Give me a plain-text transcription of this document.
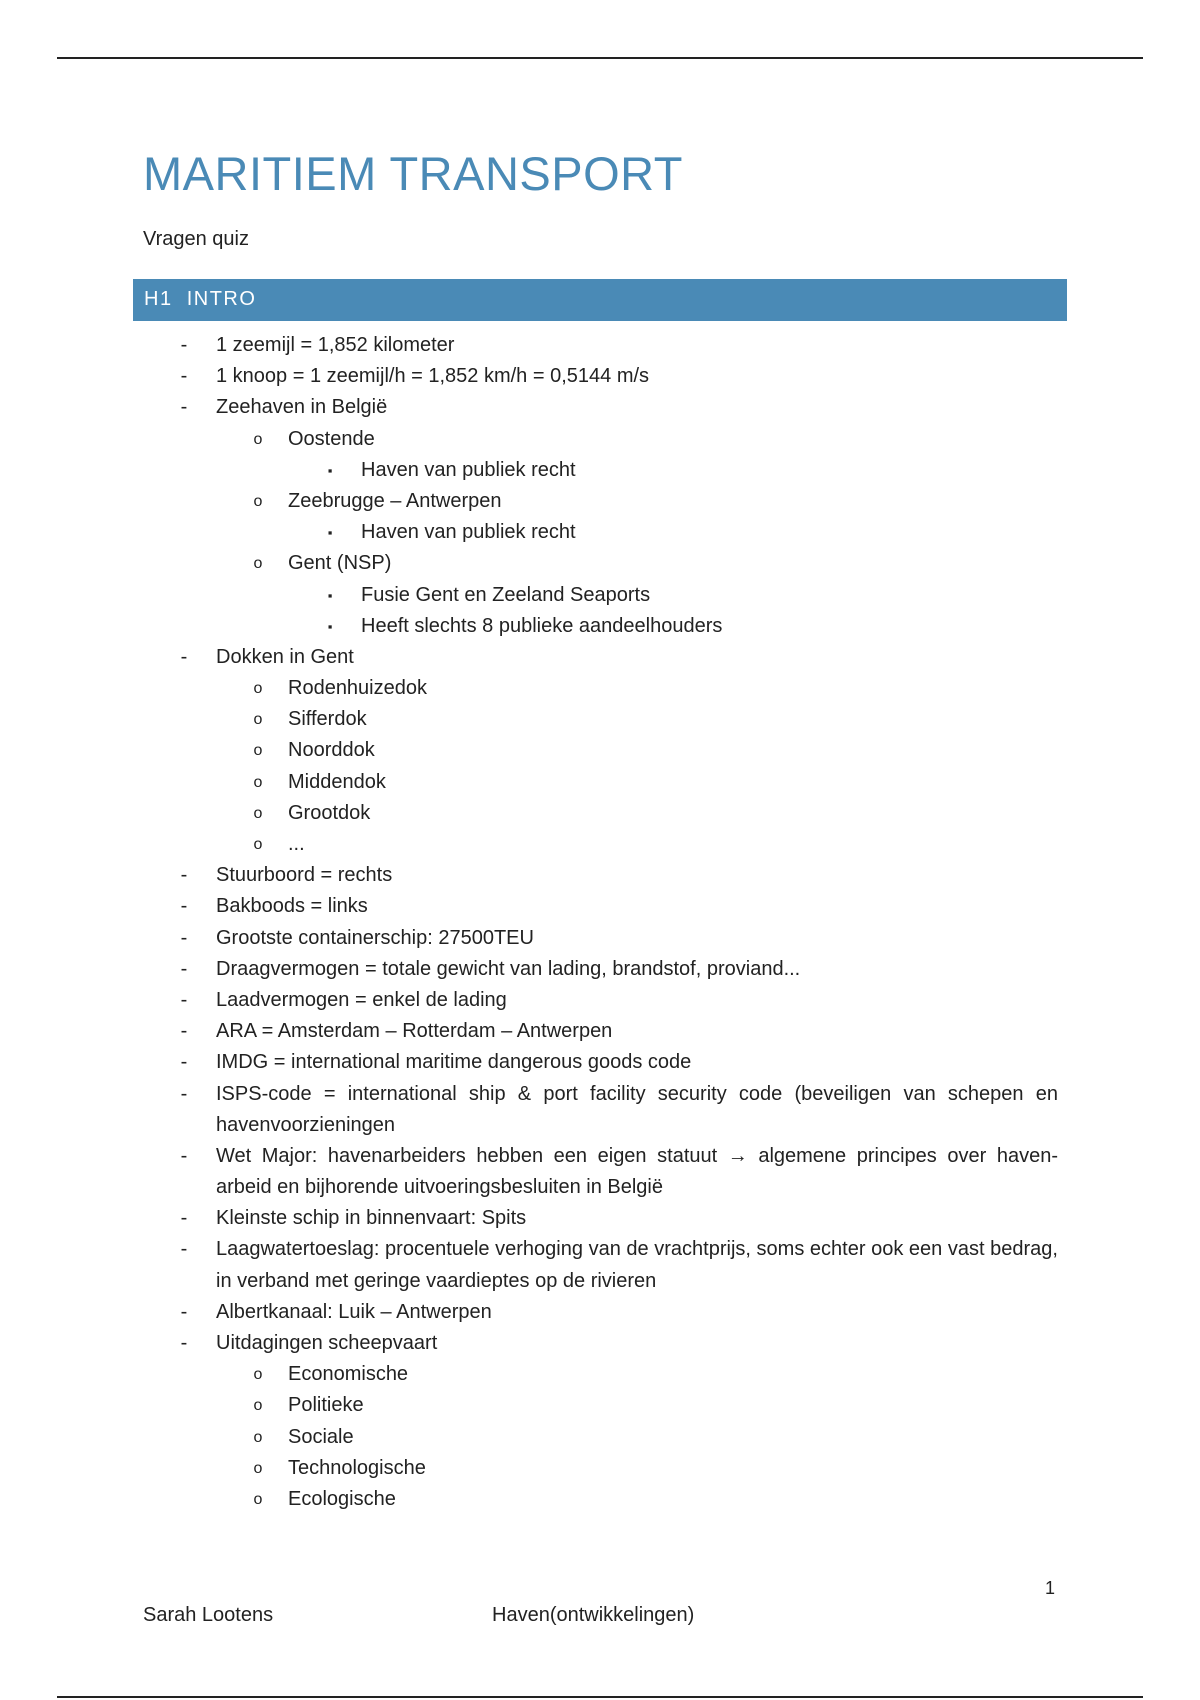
MARITIEM TRANSPORT
Vragen quiz
H1 INTRO
- 1 zeemijl = 1,852 kilometer
- 1 knoop = 1 zeemijl/h = 1,852 km/h = 0,5144 m/s
- Zeehaven in België
o Oostende
▪ Haven van publiek recht
o Zeebrugge – Antwerpen
▪ Haven van publiek recht
o Gent (NSP)
▪ Fusie Gent en Zeeland Seaports
▪ Heeft slechts 8 publieke aandeelhouders
- Dokken in Gent
o Rodenhuizedok
o Sifferdok
o Noorddok
o Middendok
o Grootdok
o ...
- Stuurboord = rechts
- Bakboods = links
- Grootste containerschip: 27500TEU
- Draagvermogen = totale gewicht van lading, brandstof, proviand...
- Laadvermogen = enkel de lading
- ARA = Amsterdam – Rotterdam – Antwerpen
- IMDG = international maritime dangerous goods code
- ISPS-code = international ship & port facility security code (beveiligen van schepen en havenvoorzieningen
- Wet Major: havenarbeiders hebben een eigen statuut → algemene principes over haven-arbeid en bijhorende uitvoeringsbesluiten in België
- Kleinste schip in binnenvaart: Spits
- Laagwatertoeslag: procentuele verhoging van de vrachtprijs, soms echter ook een vast bedrag, in verband met geringe vaardieptes op de rivieren
- Albertkanaal: Luik – Antwerpen
- Uitdagingen scheepvaart
o Economische
o Politieke
o Sociale
o Technologische
o Ecologische
1
Sarah Lootens	Haven(ontwikkelingen)
